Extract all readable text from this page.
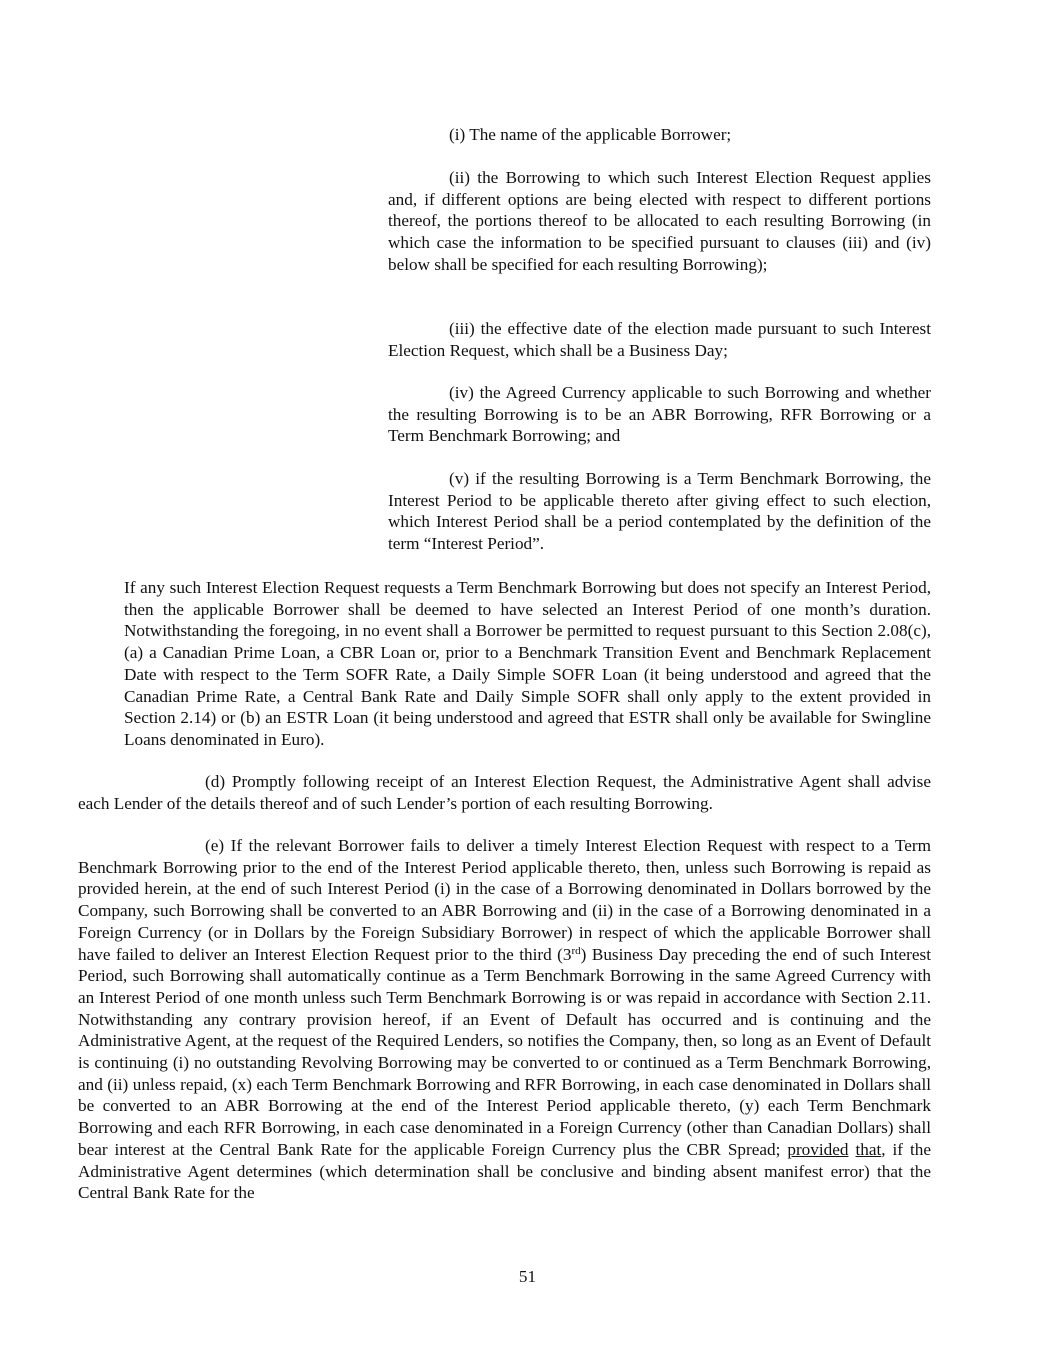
(i) The name of the applicable Borrower;

(ii) the Borrowing to which such Interest Election Request applies and, if different options are being elected with respect to different portions thereof, the portions thereof to be allocated to each resulting Borrowing (in which case the information to be specified pursuant to clauses (iii) and (iv) below shall be specified for each resulting Borrowing);

(iii) the effective date of the election made pursuant to such Interest Election Request, which shall be a Business Day;

(iv) the Agreed Currency applicable to such Borrowing and whether the resulting Borrowing is to be an ABR Borrowing, RFR Borrowing or a Term Benchmark Borrowing; and

(v) if the resulting Borrowing is a Term Benchmark Borrowing, the Interest Period to be applicable thereto after giving effect to such election, which Interest Period shall be a period contemplated by the definition of the term “Interest Period”.

If any such Interest Election Request requests a Term Benchmark Borrowing but does not specify an Interest Period, then the applicable Borrower shall be deemed to have selected an Interest Period of one month’s duration. Notwithstanding the foregoing, in no event shall a Borrower be permitted to request pursuant to this Section 2.08(c), (a) a Canadian Prime Loan, a CBR Loan or, prior to a Benchmark Transition Event and Benchmark Replacement Date with respect to the Term SOFR Rate, a Daily Simple SOFR Loan (it being understood and agreed that the Canadian Prime Rate, a Central Bank Rate and Daily Simple SOFR shall only apply to the extent provided in Section 2.14) or (b) an ESTR Loan (it being understood and agreed that ESTR shall only be available for Swingline Loans denominated in Euro).

(d) Promptly following receipt of an Interest Election Request, the Administrative Agent shall advise each Lender of the details thereof and of such Lender’s portion of each resulting Borrowing.

(e) If the relevant Borrower fails to deliver a timely Interest Election Request with respect to a Term Benchmark Borrowing prior to the end of the Interest Period applicable thereto, then, unless such Borrowing is repaid as provided herein, at the end of such Interest Period (i) in the case of a Borrowing denominated in Dollars borrowed by the Company, such Borrowing shall be converted to an ABR Borrowing and (ii) in the case of a Borrowing denominated in a Foreign Currency (or in Dollars by the Foreign Subsidiary Borrower) in respect of which the applicable Borrower shall have failed to deliver an Interest Election Request prior to the third (3rd) Business Day preceding the end of such Interest Period, such Borrowing shall automatically continue as a Term Benchmark Borrowing in the same Agreed Currency with an Interest Period of one month unless such Term Benchmark Borrowing is or was repaid in accordance with Section 2.11. Notwithstanding any contrary provision hereof, if an Event of Default has occurred and is continuing and the Administrative Agent, at the request of the Required Lenders, so notifies the Company, then, so long as an Event of Default is continuing (i) no outstanding Revolving Borrowing may be converted to or continued as a Term Benchmark Borrowing, and (ii) unless repaid, (x) each Term Benchmark Borrowing and RFR Borrowing, in each case denominated in Dollars shall be converted to an ABR Borrowing at the end of the Interest Period applicable thereto, (y) each Term Benchmark Borrowing and each RFR Borrowing, in each case denominated in a Foreign Currency (other than Canadian Dollars) shall bear interest at the Central Bank Rate for the applicable Foreign Currency plus the CBR Spread; provided that, if the Administrative Agent determines (which determination shall be conclusive and binding absent manifest error) that the Central Bank Rate for the

51
